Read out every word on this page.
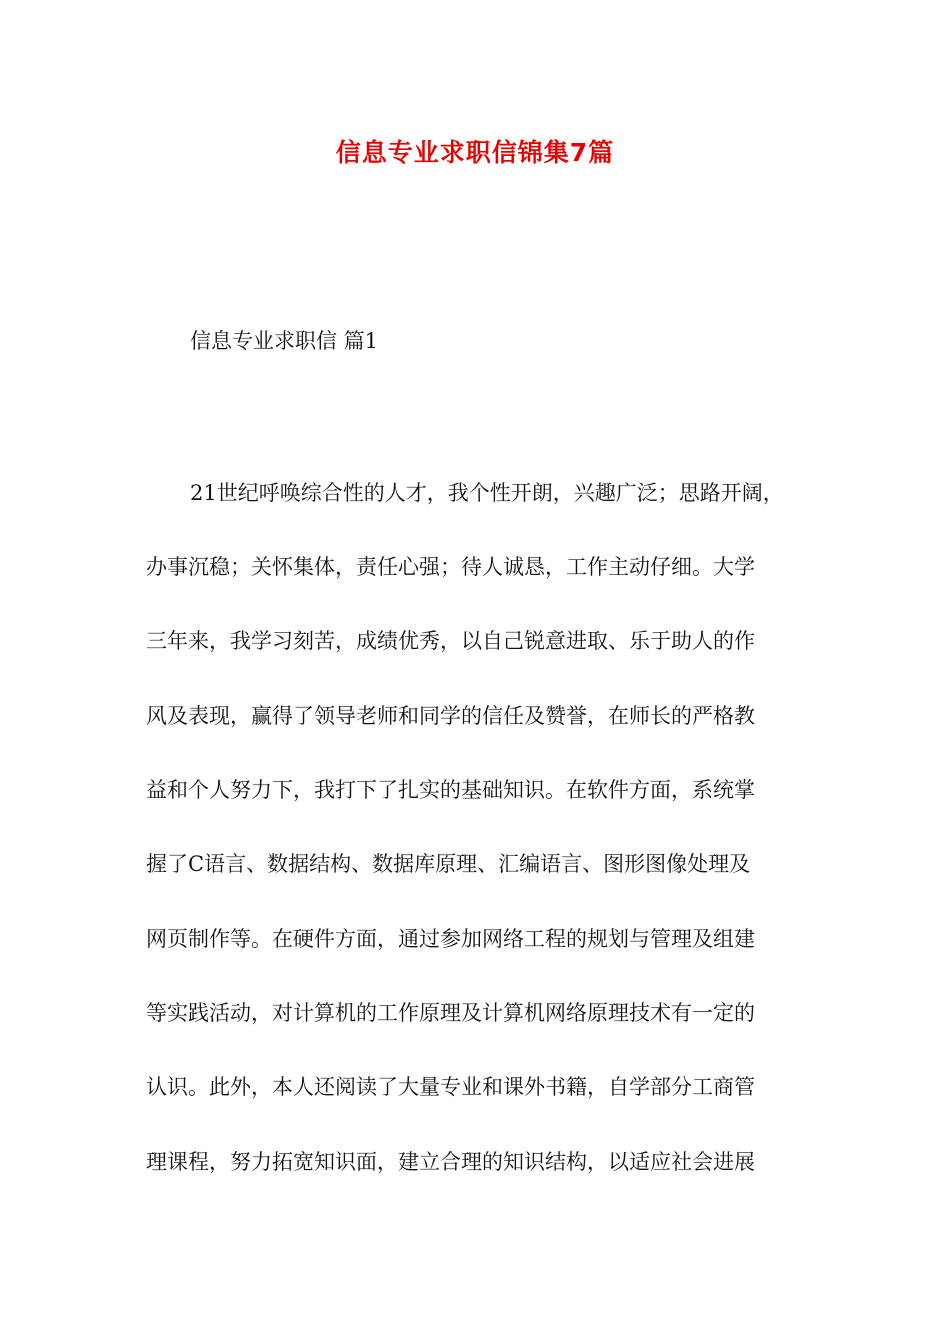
信息专业求职信锦集7篇
信息专业求职信 篇1
21世纪呼唤综合性的人才，我个性开朗，兴趣广泛；思路开阔，
办事沉稳；关怀集体，责任心强；待人诚恳，工作主动仔细。大学
三年来，我学习刻苦，成绩优秀，以自己锐意进取、乐于助人的作
风及表现，赢得了领导老师和同学的信任及赞誉，在师长的严格教
益和个人努力下，我打下了扎实的基础知识。在软件方面，系统掌
握了C语言、数据结构、数据库原理、汇编语言、图形图像处理及
网页制作等。在硬件方面，通过参加网络工程的规划与管理及组建
等实践活动，对计算机的工作原理及计算机网络原理技术有一定的
认识。此外，本人还阅读了大量专业和课外书籍，自学部分工商管
理课程，努力拓宽知识面，建立合理的知识结构，以适应社会进展
